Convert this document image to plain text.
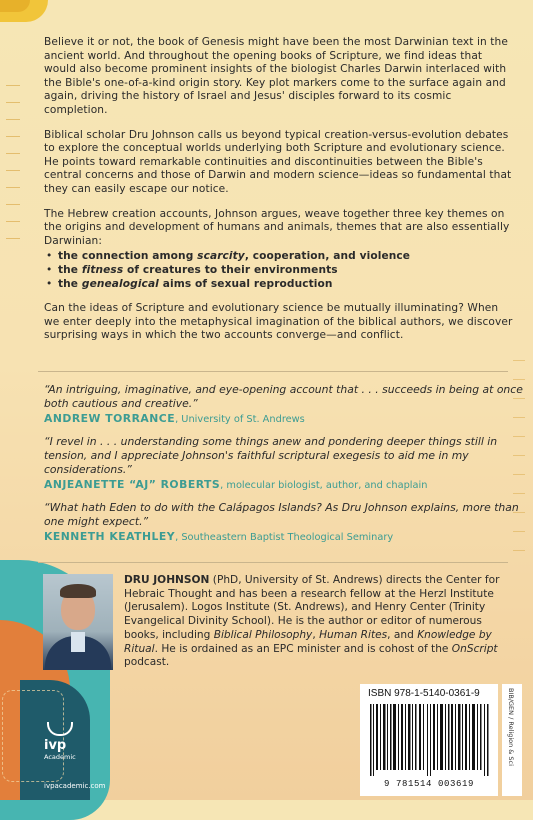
Believe it or not, the book of Genesis might have been the most Darwinian text in the ancient world. And throughout the opening books of Scripture, we find ideas that would also become prominent insights of the biologist Charles Darwin interlaced with the Bible's one-of-a-kind origin story. Key plot markers come to the surface again and again, driving the history of Israel and Jesus' disciples forward to its cosmic completion.

Biblical scholar Dru Johnson calls us beyond typical creation-versus-evolution debates to explore the conceptual worlds underlying both Scripture and evolutionary science. He points toward remarkable continuities and discontinuities between the Bible's central concerns and those of Darwin and modern science—ideas so fundamental that they can easily escape our notice.

The Hebrew creation accounts, Johnson argues, weave together three key themes on the origins and development of humans and animals, themes that are also essentially Darwinian:

• the connection among scarcity, cooperation, and violence
• the fitness of creatures to their environments
• the genealogical aims of sexual reproduction

Can the ideas of Scripture and evolutionary science be mutually illuminating? When we enter deeply into the metaphysical imagination of the biblical authors, we discover surprising ways in which the two accounts converge—and conflict.

“An intriguing, imaginative, and eye-opening account that . . . succeeds in being at once both cautious and creative.”
ANDREW TORRANCE, University of St. Andrews
“I revel in . . . understanding some things anew and pondering deeper things still in tension, and I appreciate Johnson's faithful scriptural exegesis to aid me in my considerations.”
ANJEANETTE “AJ” ROBERTS, molecular biologist, author, and chaplain
“What hath Eden to do with the Calápagos Islands? As Dru Johnson explains, more than one might expect.”
KENNETH KEATHLEY, Southeastern Baptist Theological Seminary
DRU JOHNSON (PhD, University of St. Andrews) directs the Center for Hebraic Thought and has been a research fellow at the Herzl Institute (Jerusalem). Logos Institute (St. Andrews), and Henry Center (Trinity Evangelical Divinity School). He is the author or editor of numerous books, including Biblical Philosophy, Human Rites, and Knowledge by Ritual. He is ordained as an EPC minister and is cohost of the OnScript podcast.
ISBN 978-1-5140-0361-9
9 781514 003619
BIB/GEN / Religion & Sci
ivp
Academic
ivpacademic.com
